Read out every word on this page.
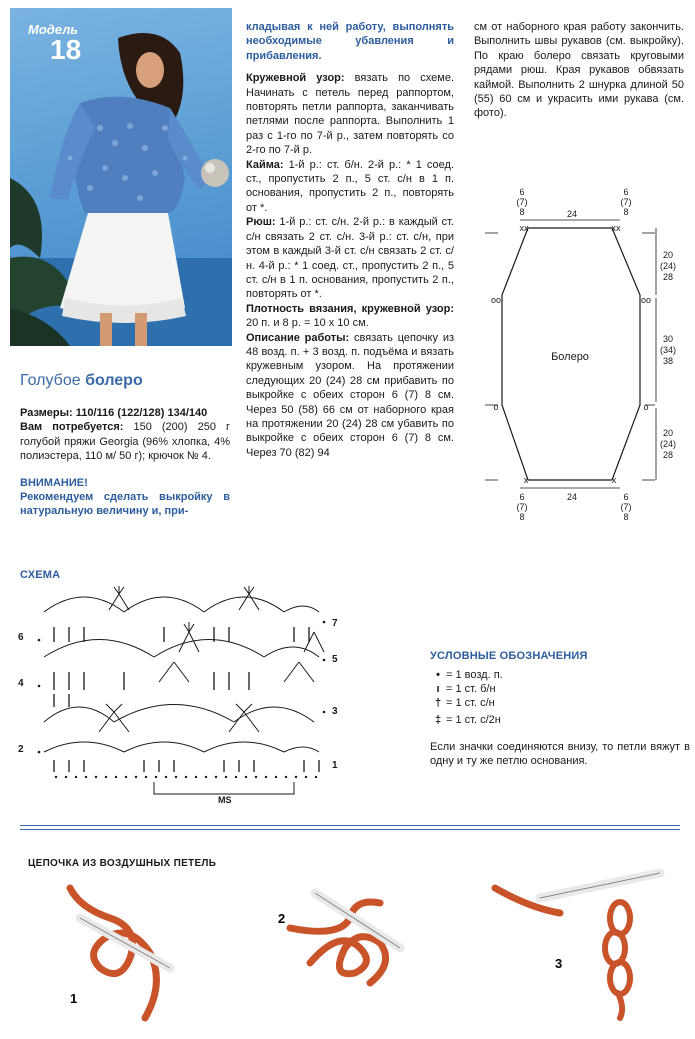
Модель
18
Голубое болеро

Размеры: 110/116 (122/128) 134/140

Вам потребуется: 150 (200) 250 г голубой пряжи Georgia (96% хлопка, 4% полиэстера, 110 м/ 50 г); крючок № 4.

ВНИМАНИЕ!

Рекомендуем сделать выкройку в натуральную величину и, при-

кладывая к ней работу, выполнять необходимые убавления и прибавления.

Кружевной узор: вязать по схеме. Начинать с петель перед раппортом, повторять петли раппорта, заканчивать петлями после раппорта. Выполнить 1 раз с 1-го по 7-й р., затем повторять со 2-го по 7-й р.

Кайма: 1-й р.: ст. б/н. 2-й р.: * 1 соед. ст., пропустить 2 п., 5 ст. с/н в 1 п. основания, пропустить 2 п., повторять от *.

Рюш: 1-й р.: ст. с/н. 2-й р.: в каждый ст. с/н связать 2 ст. с/н. 3-й р.: ст. с/н, при этом в каждый 3-й ст. с/н связать 2 ст. с/н. 4-й р.: * 1 соед. ст., пропустить 2 п., 5 ст. с/н в 1 п. основания, пропустить 2 п., повторять от *.

Плотность вязания, кружевной узор: 20 п. и 8 р. = 10 x 10 см.

Описание работы: связать цепочку из 48 возд. п. + 3 возд. п. подъёма и вязать кружевным узором. На протяжении следующих 20 (24) 28 см прибавить по выкройке с обеих сторон 6 (7) 8 см. Через 50 (58) 66 см от наборного края на протяжении 20 (24) 28 см убавить по выкройке с обеих сторон 6 (7) 8 см. Через 70 (82) 94

см от наборного края работу закончить. Выполнить швы рукавов (см. выкройку). По краю болеро связать круговыми рядами рюш. Края рукавов обвязать каймой. Выполнить 2 шнурка длиной 50 (55) 60 см и украсить ими рукава (см. фото).

6
(7)
8
6
(7)
8
24
xx	xx
oo	oo
o	o
x	x
Болеро
24
6
(7)
8
6
(7)
8
20
(24)
28
30
(34)
38
20
(24)
28
СХЕМА
6
4
2
7
5
3
1
MS
УСЛОВНЫЕ ОБОЗНАЧЕНИЯ
• = 1 возд. п.
ı = 1 ст. б/н
† = 1 ст. с/н
‡ = 1 ст. с/2н

Если значки соединяются внизу, то петли вяжут в одну и ту же петлю основания.

ЦЕПОЧКА ИЗ ВОЗДУШНЫХ ПЕТЕЛЬ
1
2
3
